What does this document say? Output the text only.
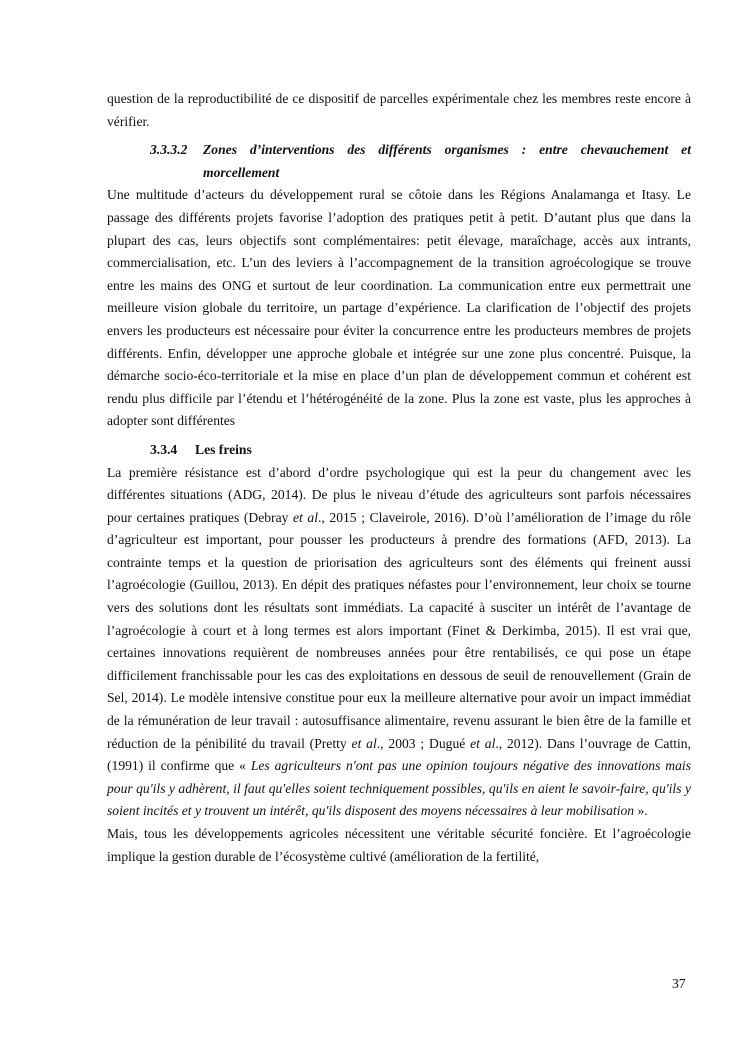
question de la reproductibilité de ce dispositif de parcelles expérimentale chez les membres reste encore à vérifier.

3.3.3.2	Zones d’interventions des différents organismes : entre chevauchement et morcellement

Une multitude d’acteurs du développement rural se côtoie dans les Régions Analamanga et Itasy. Le passage des différents projets favorise l’adoption des pratiques petit à petit. D’autant plus que dans la plupart des cas, leurs objectifs sont complémentaires: petit élevage, maraîchage, accès aux intrants, commercialisation, etc. L’un des leviers à l’accompagnement de la transition agroécologique se trouve entre les mains des ONG et surtout de leur coordination. La communication entre eux permettrait une meilleure vision globale du territoire, un partage d’expérience. La clarification de l’objectif des projets envers les producteurs est nécessaire pour éviter la concurrence entre les producteurs membres de projets différents. Enfin, développer une approche globale et intégrée sur une zone plus concentré. Puisque, la démarche socio-éco-territoriale et la mise en place d’un plan de développement commun et cohérent est rendu plus difficile par l’étendu et l’hétérogénéité de la zone. Plus la zone est vaste, plus les approches à adopter sont différentes

3.3.4	Les freins

La première résistance est d’abord d’ordre psychologique qui est la peur du changement avec les différentes situations (ADG, 2014). De plus le niveau d’étude des agriculteurs sont parfois nécessaires pour certaines pratiques (Debray et al., 2015 ; Claveirole, 2016). D’où l’amélioration de l’image du rôle d’agriculteur est important, pour pousser les producteurs à prendre des formations (AFD, 2013). La contrainte temps et la question de priorisation des agriculteurs sont des éléments qui freinent aussi l’agroécologie (Guillou, 2013). En dépit des pratiques néfastes pour l’environnement, leur choix se tourne vers des solutions dont les résultats sont immédiats. La capacité à susciter un intérêt de l’avantage de l’agroécologie à court et à long termes est alors important (Finet & Derkimba, 2015). Il est vrai que, certaines innovations requièrent de nombreuses années pour être rentabilisés, ce qui pose un étape difficilement franchissable pour les cas des exploitations en dessous de seuil de renouvellement (Grain de Sel, 2014). Le modèle intensive constitue pour eux la meilleure alternative pour avoir un impact immédiat de la rémunération de leur travail : autosuffisance alimentaire, revenu assurant le bien être de la famille et réduction de la pénibilité du travail (Pretty et al., 2003 ; Dugué et al., 2012). Dans l’ouvrage de Cattin, (1991) il confirme que « Les agriculteurs n'ont pas une opinion toujours négative des innovations mais pour qu'ils y adhèrent, il faut qu'elles soient techniquement possibles, qu'ils en aient le savoir-faire, qu'ils y soient incités et y trouvent un intérêt, qu'ils disposent des moyens nécessaires à leur mobilisation ».

Mais, tous les développements agricoles nécessitent une véritable sécurité foncière. Et l’agroécologie implique la gestion durable de l’écosystème cultivé (amélioration de la fertilité,

37
